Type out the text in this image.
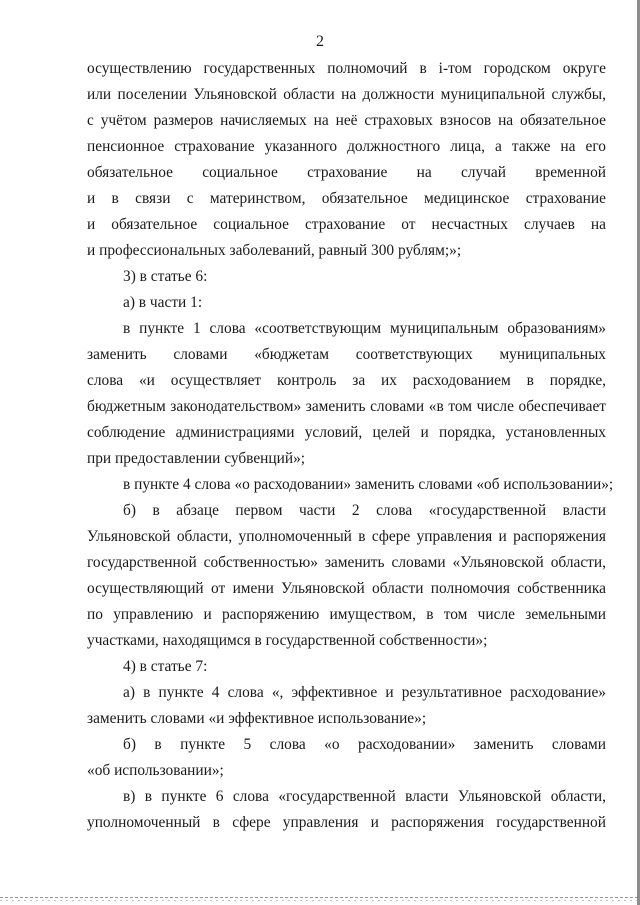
2
осуществлению государственных полномочий в i-том городском округе
или поселении Ульяновской области на должности муниципальной службы,
с учётом размеров начисляемых на неё страховых взносов на обязательное
пенсионное страхование указанного должностного лица, а также на его
обязательное социальное страхование на случай временной
и в связи с материнством, обязательное медицинское страхование
и обязательное социальное страхование от несчастных случаев на
и профессиональных заболеваний, равный 300 рублям;»;
3) в статье 6:
а) в части 1:
в пункте 1 слова «соответствующим муниципальным образованиям»
заменить словами «бюджетам соответствующих муниципальных
слова «и осуществляет контроль за их расходованием в порядке,
бюджетным законодательством» заменить словами «в том числе обеспечивает
соблюдение администрациями условий, целей и порядка, установленных
при предоставлении субвенций»;
в пункте 4 слова «о расходовании» заменить словами «об использовании»;
б) в абзаце первом части 2 слова «государственной власти
Ульяновской области, уполномоченный в сфере управления и распоряжения
государственной собственностью» заменить словами «Ульяновской области,
осуществляющий от имени Ульяновской области полномочия собственника
по управлению и распоряжению имуществом, в том числе земельными
участками, находящимся в государственной собственности»;
4) в статье 7:
а) в пункте 4 слова «, эффективное и результативное расходование»
заменить словами «и эффективное использование»;
б) в пункте 5 слова «о расходовании» заменить словами
«об использовании»;
в) в пункте 6 слова «государственной власти Ульяновской области,
уполномоченный в сфере управления и распоряжения государственной
